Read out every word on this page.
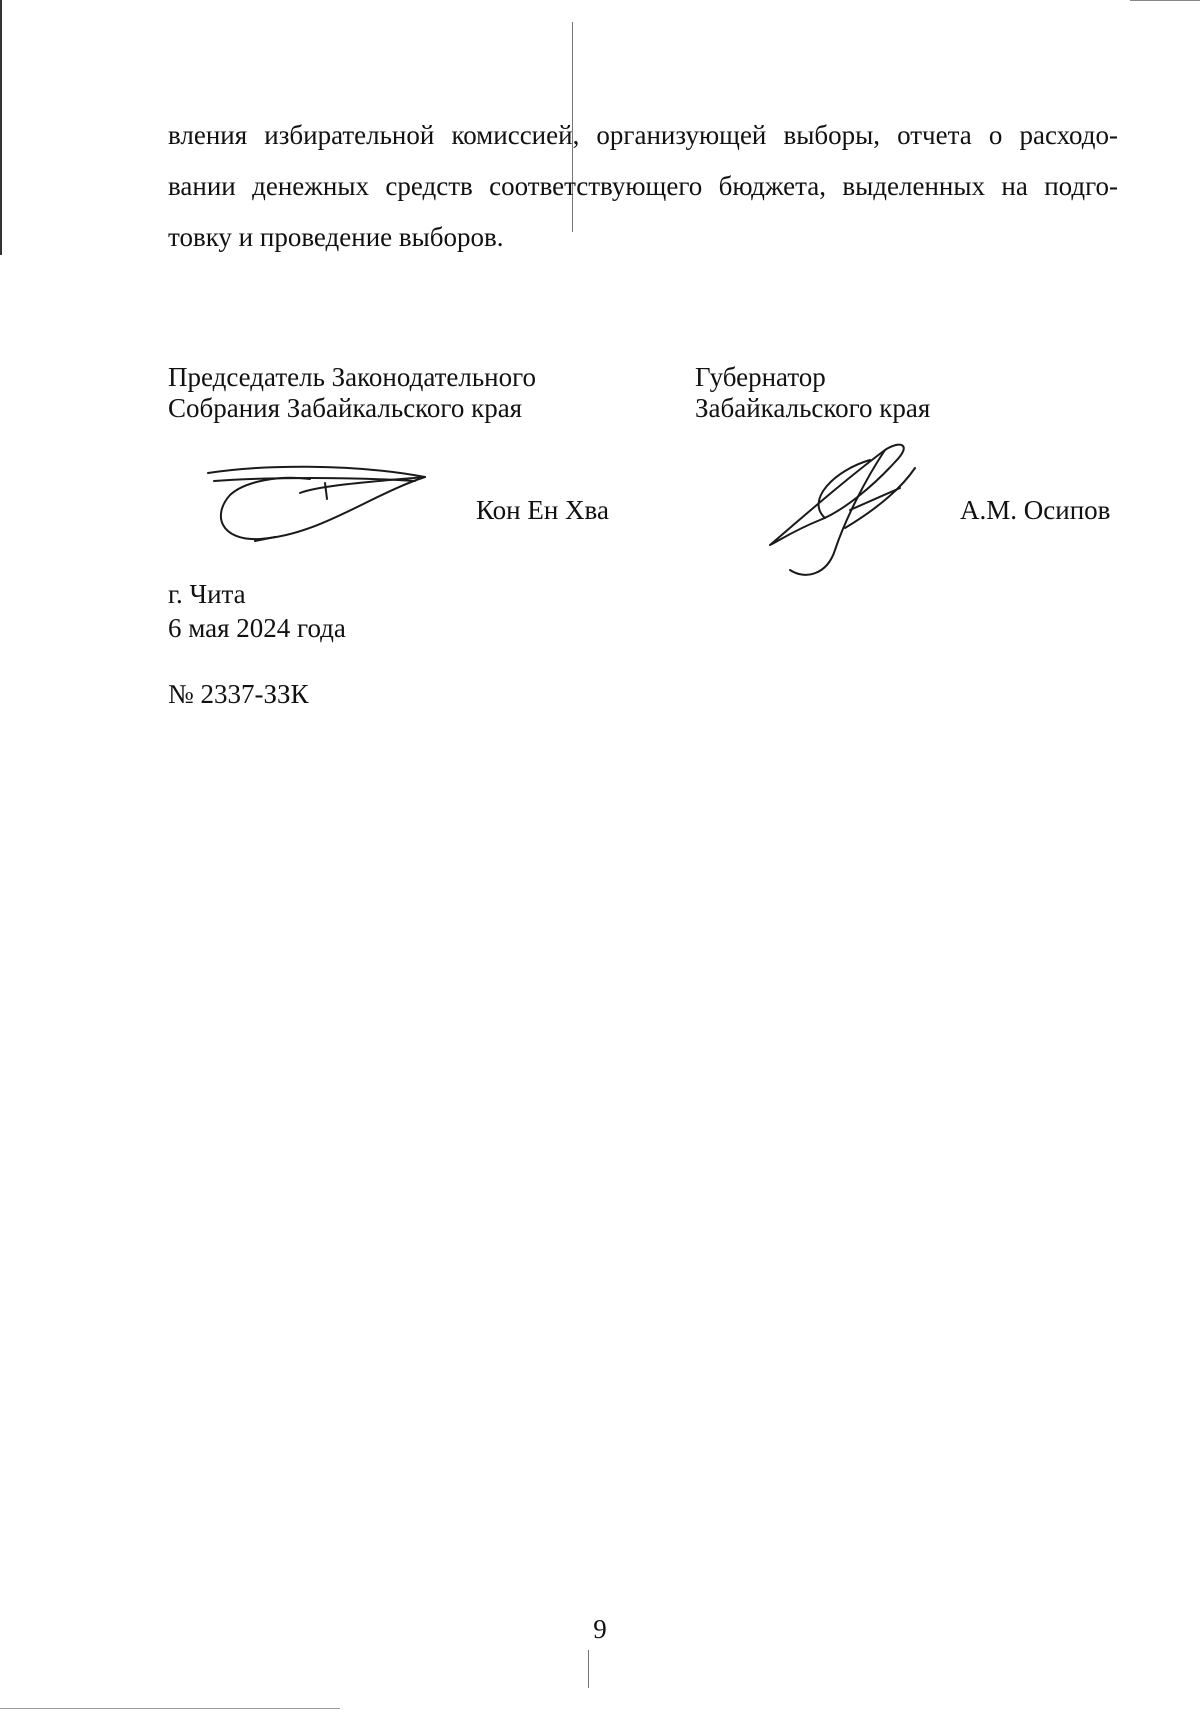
вления избирательной комиссией, организующей выборы, отчета о расходо-
вании денежных средств соответствующего бюджета, выделенных на подго-
товку и проведение выборов.
Председатель Законодательного
Собрания Забайкальского края
Губернатор
Забайкальского края
Кон Ен Хва	А.М. Осипов
г. Чита
6 мая 2024 года
№ 2337-ЗЗК
9
